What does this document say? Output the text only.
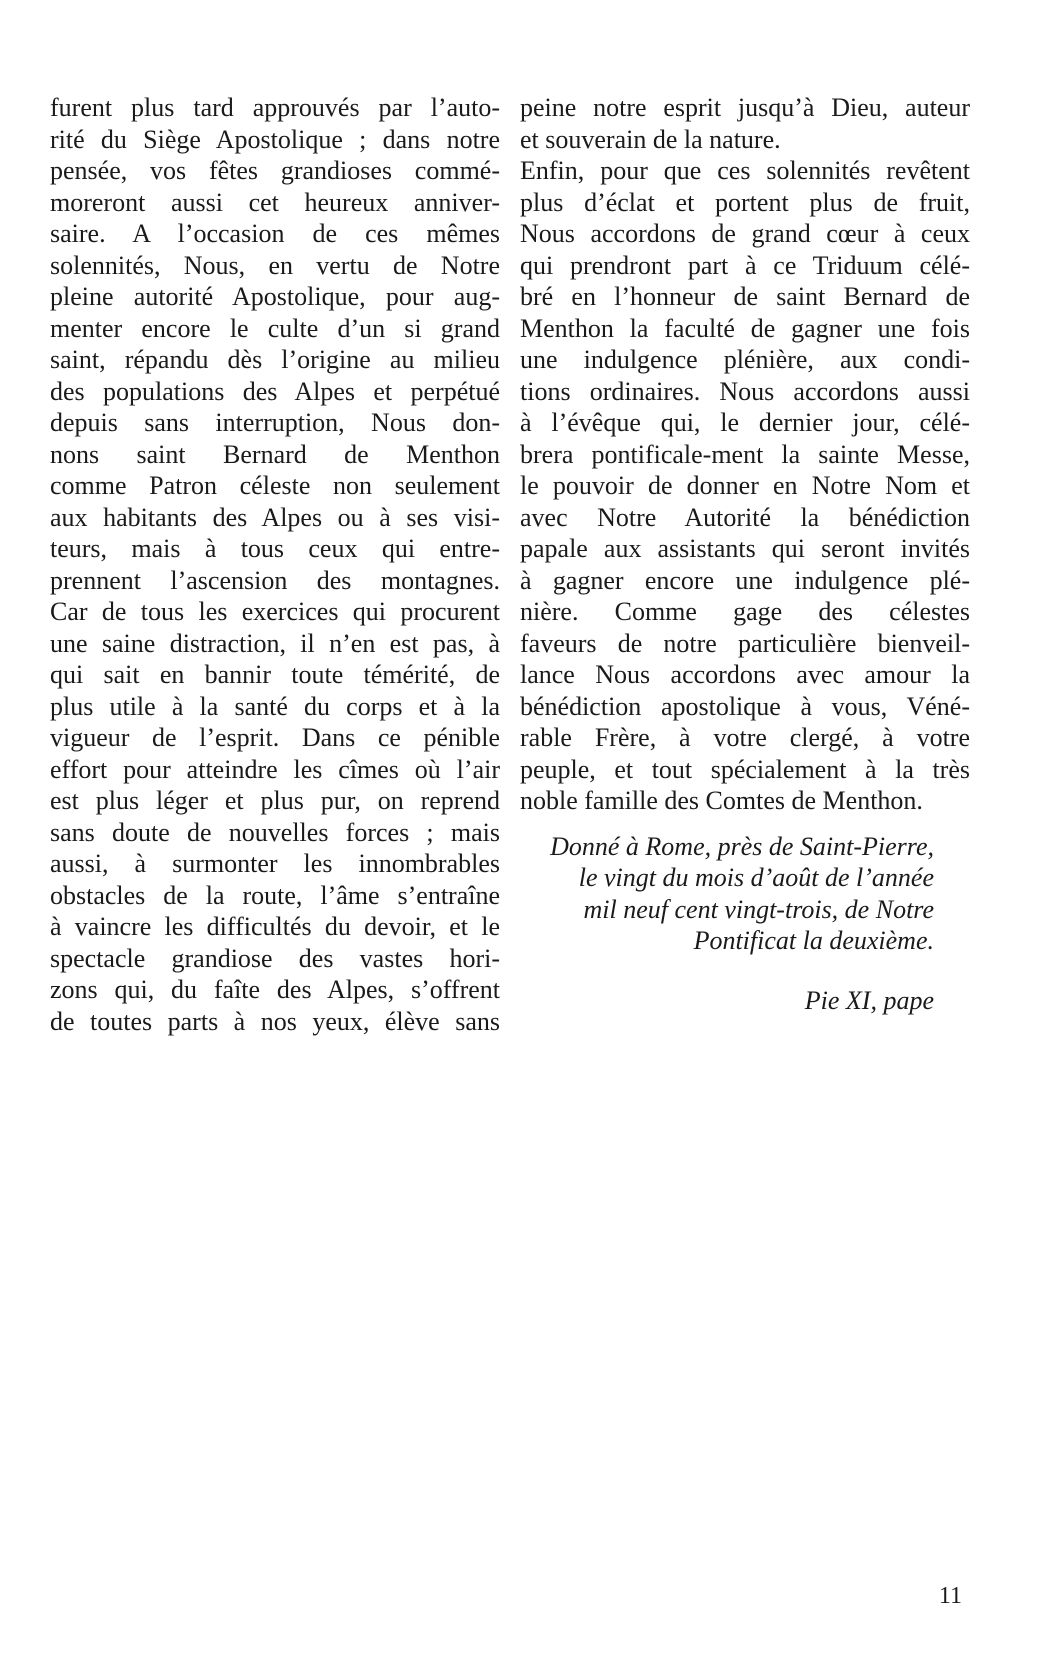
furent plus tard approuvés par l’auto-
rité du Siège Apostolique ; dans notre
pensée, vos fêtes grandioses commé-
moreront aussi cet heureux anniver-
saire. A l’occasion de ces mêmes
solennités, Nous, en vertu de Notre
pleine autorité Apostolique, pour aug-
menter encore le culte d’un si grand
saint, répandu dès l’origine au milieu
des populations des Alpes et perpétué
depuis sans interruption, Nous don-
nons saint Bernard de Menthon
comme Patron céleste non seulement
aux habitants des Alpes ou à ses visi-
teurs, mais à tous ceux qui entre-
prennent l’ascension des montagnes.
Car de tous les exercices qui procurent
une saine distraction, il n’en est pas, à
qui sait en bannir toute témérité, de
plus utile à la santé du corps et à la
vigueur de l’esprit. Dans ce pénible
effort pour atteindre les cîmes où l’air
est plus léger et plus pur, on reprend
sans doute de nouvelles forces ; mais
aussi, à surmonter les innombrables
obstacles de la route, l’âme s’entraîne
à vaincre les difficultés du devoir, et le
spectacle grandiose des vastes hori-
zons qui, du faîte des Alpes, s’offrent
de toutes parts à nos yeux, élève sans
peine notre esprit jusqu’à Dieu, auteur
et souverain de la nature.
Enfin, pour que ces solennités revêtent
plus d’éclat et portent plus de fruit,
Nous accordons de grand cœur à ceux
qui prendront part à ce Triduum célé-
bré en l’honneur de saint Bernard de
Menthon la faculté de gagner une fois
une indulgence plénière, aux condi-
tions ordinaires. Nous accordons aussi
à l’évêque qui, le dernier jour, célé-
brera pontificale-ment la sainte Messe,
le pouvoir de donner en Notre Nom et
avec Notre Autorité la bénédiction
papale aux assistants qui seront invités
à gagner encore une indulgence plé-
nière. Comme gage des célestes
faveurs de notre particulière bienveil-
lance Nous accordons avec amour la
bénédiction apostolique à vous, Véné-
rable Frère, à votre clergé, à votre
peuple, et tout spécialement à la très
noble famille des Comtes de Menthon.
Donné à Rome, près de Saint-Pierre,
le vingt du mois d’août de l’année
mil neuf cent vingt-trois, de Notre
Pontificat la deuxième.
Pie XI, pape
11
